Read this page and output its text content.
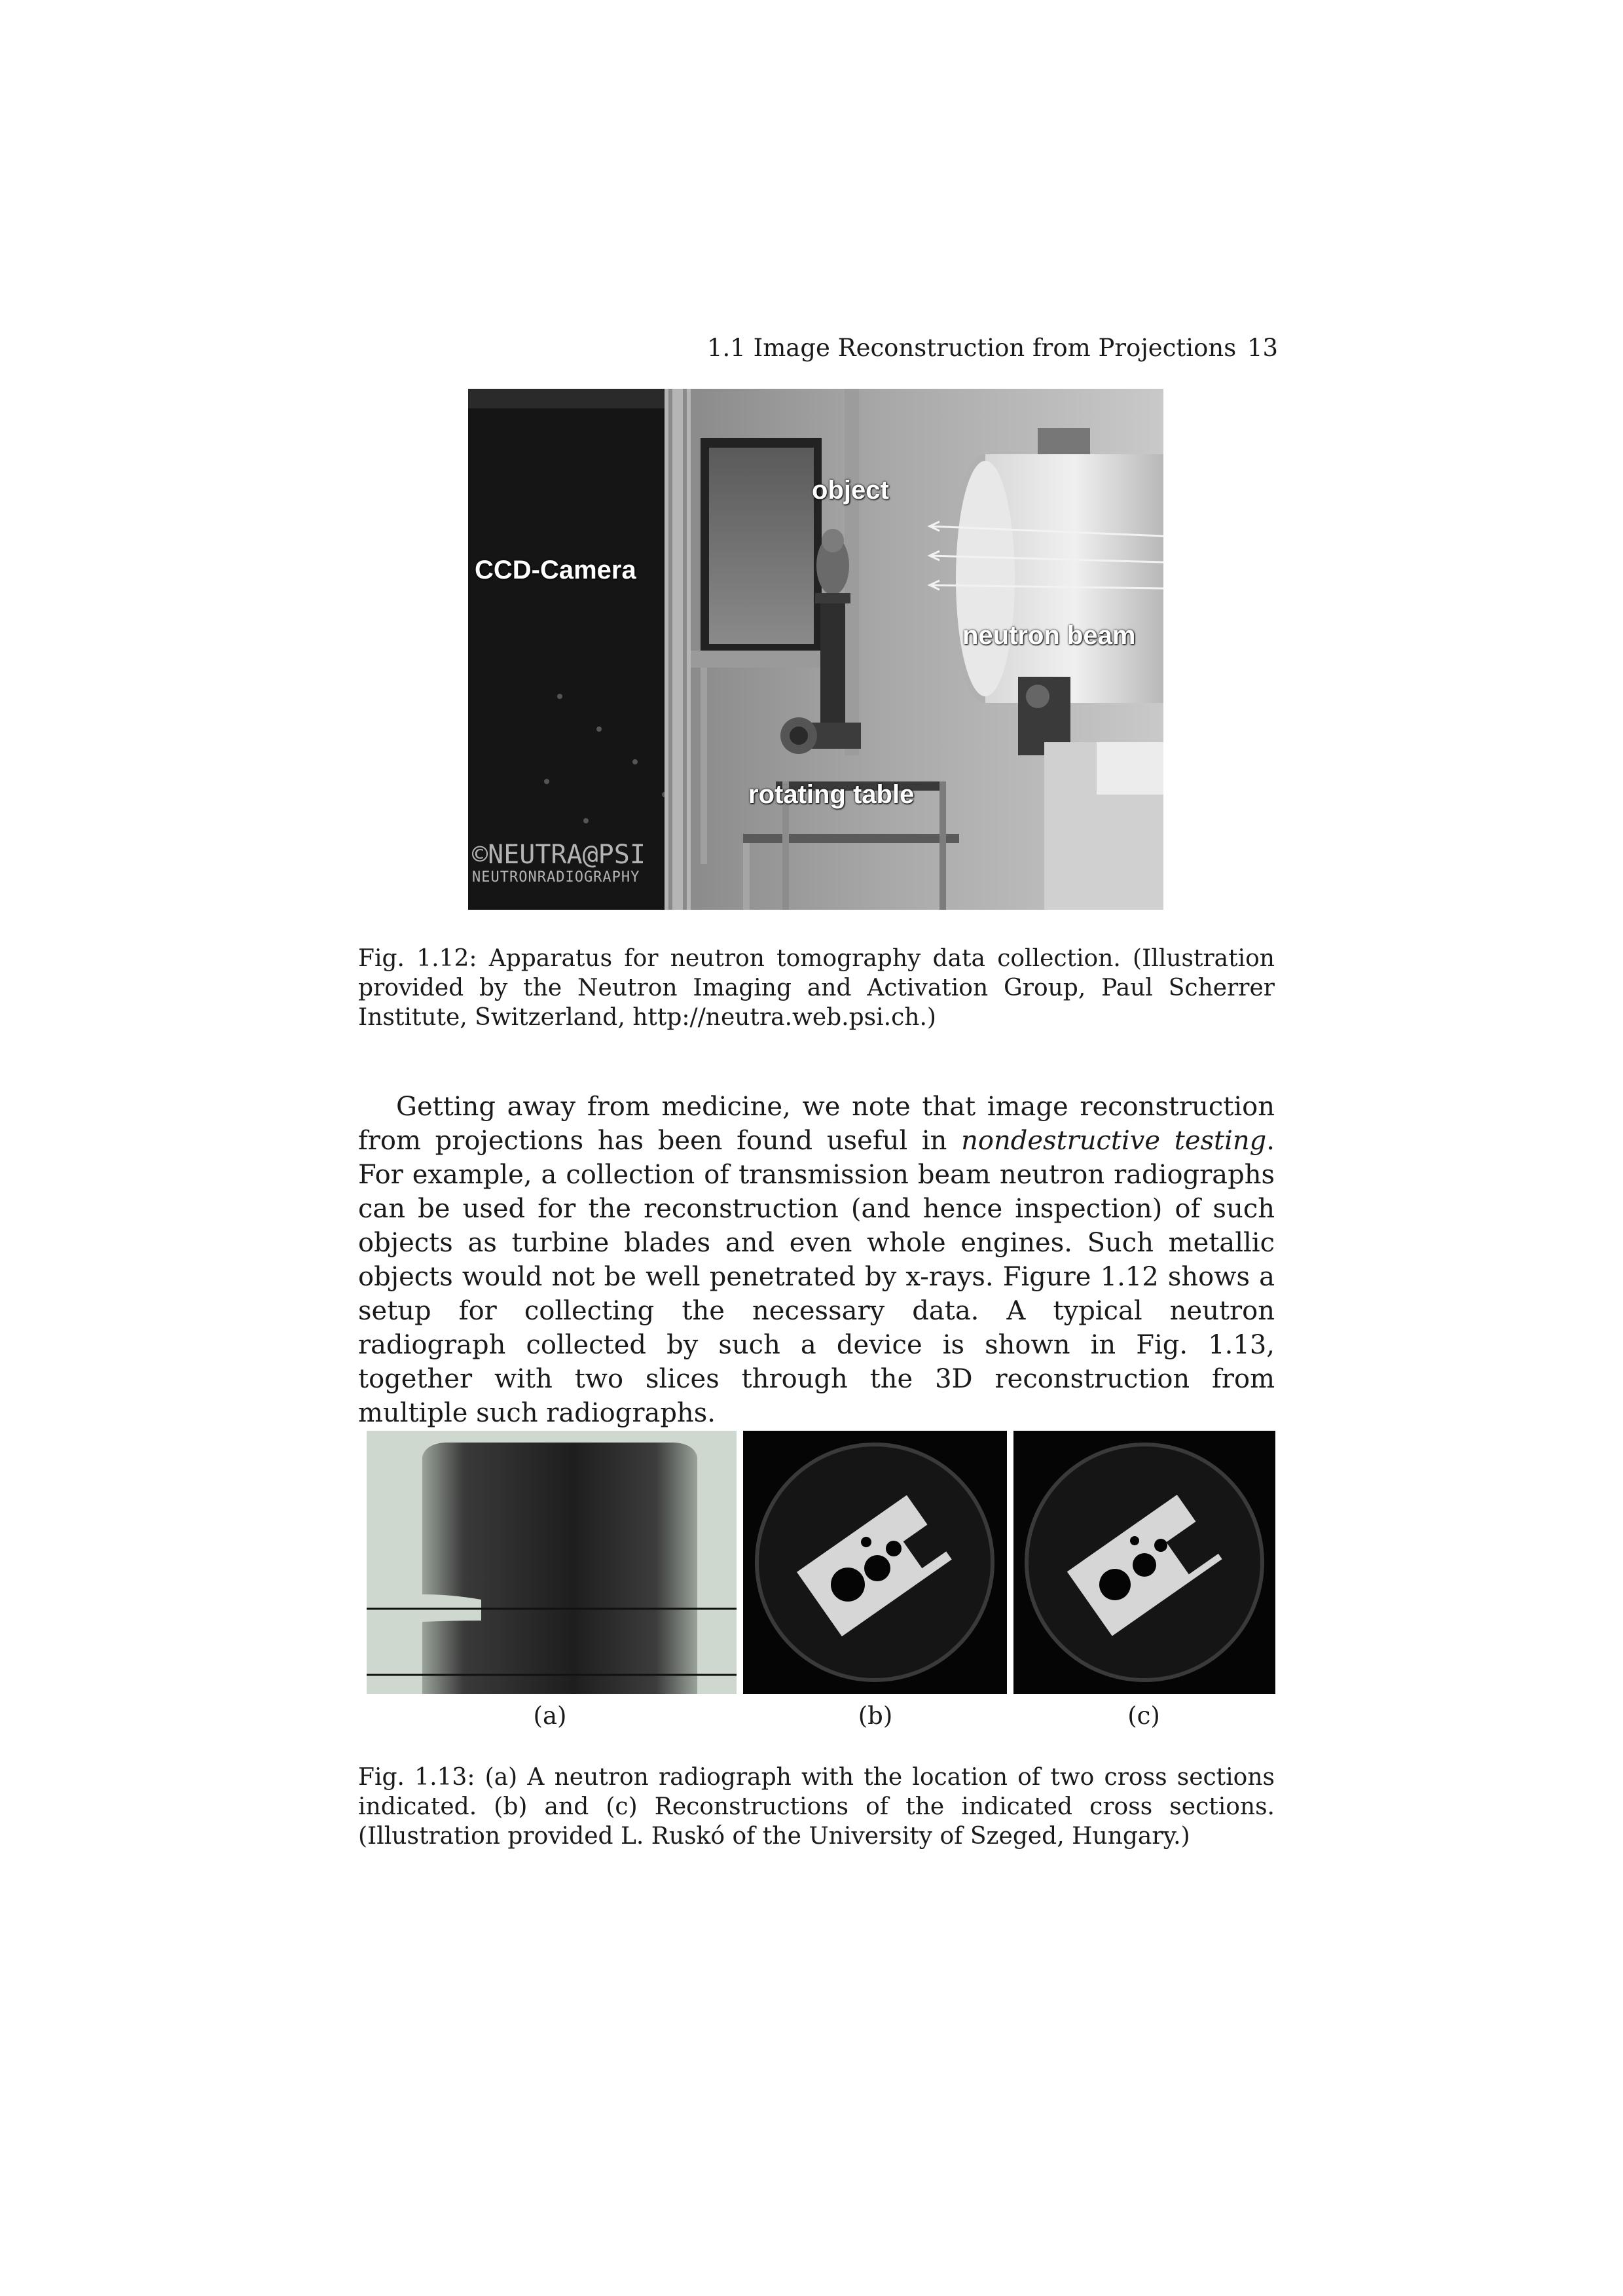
1.1 Image Reconstruction from Projections 13
CCD-Camera
object
neutron beam
rotating table
©NEUTRA@PSI
NEUTRONRADIOGRAPHY
Fig. 1.12: Apparatus for neutron tomography data collection. (Illustration provided by the Neutron Imaging and Activation Group, Paul Scherrer Institute, Switzerland, http://neutra.web.psi.ch.)

Getting away from medicine, we note that image reconstruction from projections has been found useful in nondestructive testing. For example, a collection of transmission beam neutron radiographs can be used for the reconstruction (and hence inspection) of such objects as turbine blades and even whole engines. Such metallic objects would not be well penetrated by x-rays. Figure 1.12 shows a setup for collecting the necessary data. A typical neutron radiograph collected by such a device is shown in Fig. 1.13, together with two slices through the 3D reconstruction from multiple such radiographs.

(a)	(b)	(c)
Fig. 1.13: (a) A neutron radiograph with the location of two cross sections indicated. (b) and (c) Reconstructions of the indicated cross sections. (Illustration provided L. Ruskó of the University of Szeged, Hungary.)
